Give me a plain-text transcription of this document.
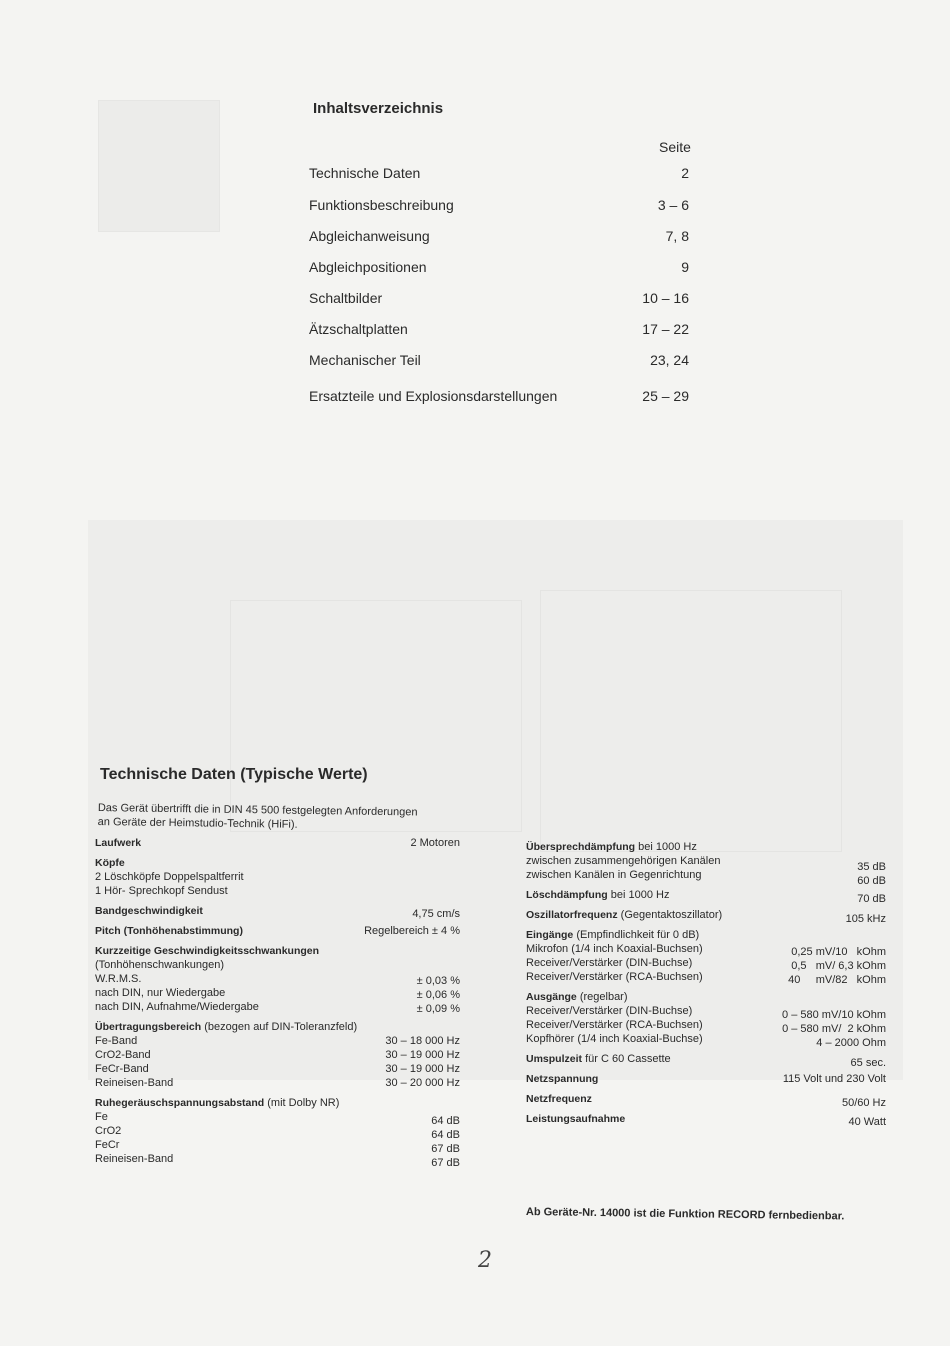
Inhaltsverzeichnis
Seite
Technische Daten	2
Funktionsbeschreibung	3 – 6
Abgleichanweisung	7, 8
Abgleichpositionen	9
Schaltbilder	10 – 16
Ätzschaltplatten	17 – 22
Mechanischer Teil	23, 24
Ersatzteile und Explosionsdarstellungen	25 – 29
Technische Daten (Typische Werte)
Das Gerät übertrifft die in DIN 45 500 festgelegten Anforderungen
an Geräte der Heimstudio-Technik (HiFi).
Laufwerk	2 Motoren
Köpfe
2 Löschköpfe Doppelspaltferrit
1 Hör- Sprechkopf Sendust
Bandgeschwindigkeit	4,75 cm/s
Pitch (Tonhöhenabstimmung)	Regelbereich ± 4 %
Kurzzeitige Geschwindigkeitsschwankungen
(Tonhöhenschwankungen)
W.R.M.S.	± 0,03 %
nach DIN, nur Wiedergabe	± 0,06 %
nach DIN, Aufnahme/Wiedergabe	± 0,09 %
Übertragungsbereich (bezogen auf DIN-Toleranzfeld)
Fe-Band	30 – 18 000 Hz
CrO2-Band	30 – 19 000 Hz
FeCr-Band	30 – 19 000 Hz
Reineisen-Band	30 – 20 000 Hz
Ruhegeräuschspannungsabstand (mit Dolby NR)
Fe	64 dB
CrO2	64 dB
FeCr	67 dB
Reineisen-Band	67 dB
Übersprechdämpfung bei 1000 Hz
zwischen zusammengehörigen Kanälen	35 dB
zwischen Kanälen in Gegenrichtung	60 dB
Löschdämpfung bei 1000 Hz	70 dB
Oszillatorfrequenz (Gegentaktoszillator)	105 kHz
Eingänge (Empfindlichkeit für 0 dB)
Mikrofon (1/4 inch Koaxial-Buchsen)	0,25 mV/10   kOhm
Receiver/Verstärker (DIN-Buchse)	0,5   mV/ 6,3 kOhm
Receiver/Verstärker (RCA-Buchsen)	40     mV/82   kOhm
Ausgänge (regelbar)
Receiver/Verstärker (DIN-Buchse)	0 – 580 mV/10 kOhm
Receiver/Verstärker (RCA-Buchsen)	0 – 580 mV/  2 kOhm
Kopfhörer (1/4 inch Koaxial-Buchse)	4 – 2000 Ohm
Umspulzeit für C 60 Cassette	65 sec.
Netzspannung	115 Volt und 230 Volt
Netzfrequenz	50/60 Hz
Leistungsaufnahme	40 Watt
Ab Geräte-Nr. 14000 ist die Funktion RECORD fernbedienbar.
2
